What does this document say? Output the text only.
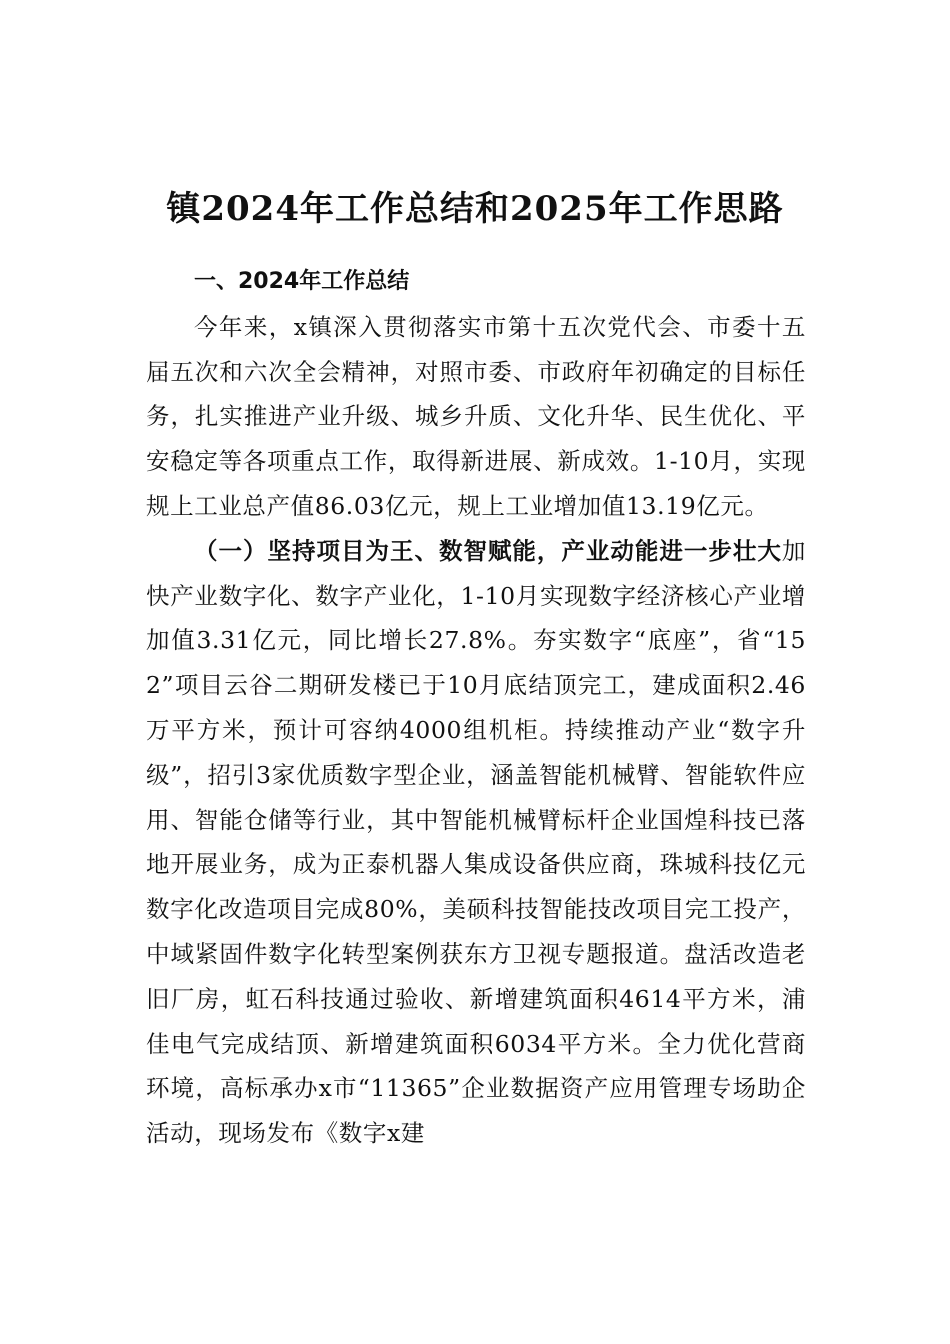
镇2024年工作总结和2025年工作思路
一、2024年工作总结

今年来，x镇深入贯彻落实市第十五次党代会、市委十五届五次和六次全会精神，对照市委、市政府年初确定的目标任务，扎实推进产业升级、城乡升质、文化升华、民生优化、平安稳定等各项重点工作，取得新进展、新成效。1-10月，实现规上工业总产值86.03亿元，规上工业增加值13.19亿元。

（一）坚持项目为王、数智赋能，产业动能进一步壮大加快产业数字化、数字产业化，1-10月实现数字经济核心产业增加值3.31亿元，同比增长27.8%。夯实数字“底座”，省“152”项目云谷二期研发楼已于10月底结顶完工，建成面积2.46万平方米，预计可容纳4000组机柜。持续推动产业“数字升级”，招引3家优质数字型企业，涵盖智能机械臂、智能软件应用、智能仓储等行业，其中智能机械臂标杆企业国煌科技已落地开展业务，成为正泰机器人集成设备供应商，珠城科技亿元数字化改造项目完成80%，美硕科技智能技改项目完工投产，中域紧固件数字化转型案例获东方卫视专题报道。盘活改造老旧厂房，虹石科技通过验收、新增建筑面积4614平方米，浦佳电气完成结顶、新增建筑面积6034平方米。全力优化营商环境，高标承办x市“11365”企业数据资产应用管理专场助企活动，现场发布《数字x建
